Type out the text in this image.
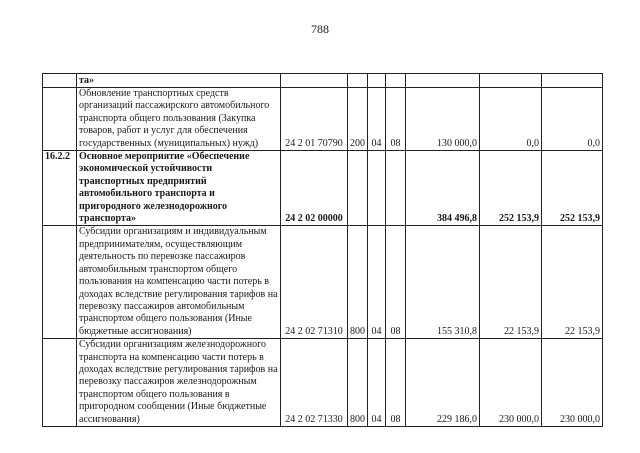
788
	та»							
	Обновление транспортных средств организаций пассажирского автомобильного транспорта общего пользования (Закупка товаров, работ и услуг для обеспечения государственных (муниципальных) нужд)	24 2 01 70790	200	04	08	130 000,0	0,0	0,0
16.2.2	Основное мероприятие «Обеспечение экономической устойчивости транспортных предприятий автомобильного транспорта и пригородного железнодорожного транспорта»	24 2 02 00000				384 496,8	252 153,9	252 153,9
	Субсидии организациям и индивидуальным предпринимателям, осуществляющим деятельность по перевозке пассажиров автомобильным транспортом общего пользования на компенсацию части потерь в доходах вследствие регулирования тарифов на перевозку пассажиров автомобильным транспортом общего пользования (Иные бюджетные ассигнования)	24 2 02 71310	800	04	08	155 310,8	22 153,9	22 153,9
	Субсидии организациям железнодорожного транспорта на компенсацию части потерь в доходах вследствие регулирования тарифов на перевозку пассажиров железнодорожным транспортом общего пользования в пригородном сообщении (Иные бюджетные ассигнования)	24 2 02 71330	800	04	08	229 186,0	230 000,0	230 000,0
